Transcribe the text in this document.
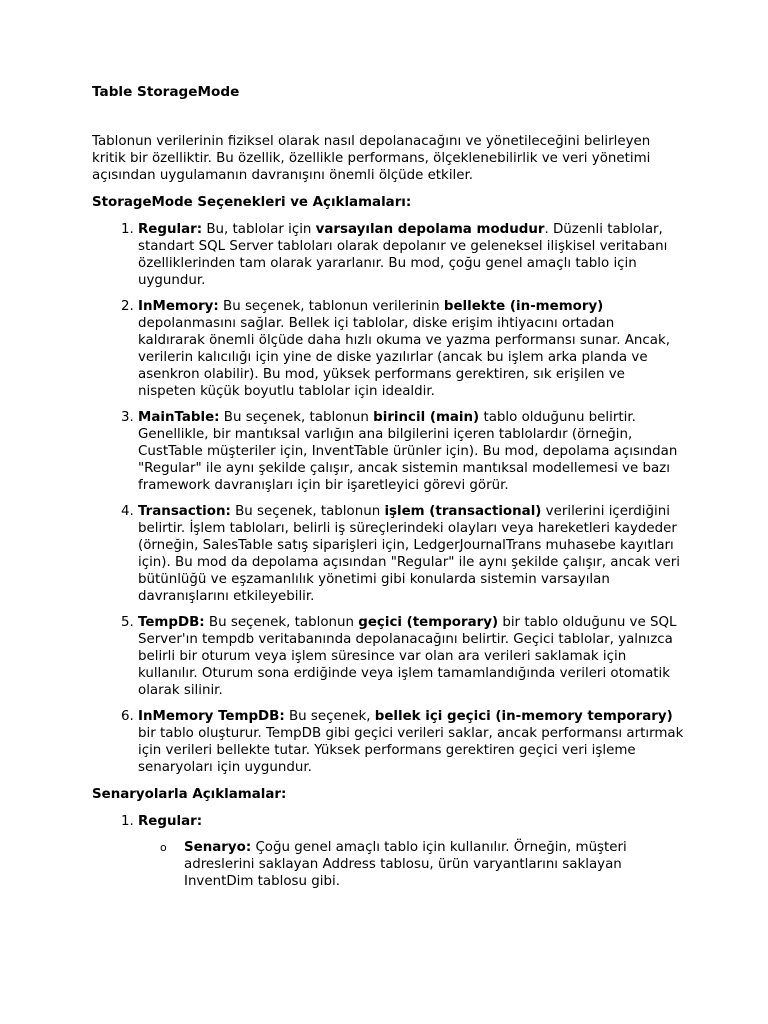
Table StorageMode

Tablonun verilerinin fiziksel olarak nasıl depolanacağını ve yönetileceğini belirleyen kritik bir özelliktir. Bu özellik, özellikle performans, ölçeklenebilirlik ve veri yönetimi açısından uygulamanın davranışını önemli ölçüde etkiler.

StorageMode Seçenekleri ve Açıklamaları:
1. Regular: Bu, tablolar için varsayılan depolama modudur. Düzenli tablolar, standart SQL Server tabloları olarak depolanır ve geleneksel ilişkisel veritabanı özelliklerinden tam olarak yararlanır. Bu mod, çoğu genel amaçlı tablo için uygundur.
2. InMemory: Bu seçenek, tablonun verilerinin bellekte (in-memory) depolanmasını sağlar. Bellek içi tablolar, diske erişim ihtiyacını ortadan kaldırarak önemli ölçüde daha hızlı okuma ve yazma performansı sunar. Ancak, verilerin kalıcılığı için yine de diske yazılırlar (ancak bu işlem arka planda ve asenkron olabilir). Bu mod, yüksek performans gerektiren, sık erişilen ve nispeten küçük boyutlu tablolar için idealdir.
3. MainTable: Bu seçenek, tablonun birincil (main) tablo olduğunu belirtir. Genellikle, bir mantıksal varlığın ana bilgilerini içeren tablolardır (örneğin, CustTable müşteriler için, InventTable ürünler için). Bu mod, depolama açısından "Regular" ile aynı şekilde çalışır, ancak sistemin mantıksal modellemesi ve bazı framework davranışları için bir işaretleyici görevi görür.
4. Transaction: Bu seçenek, tablonun işlem (transactional) verilerini içerdiğini belirtir. İşlem tabloları, belirli iş süreçlerindeki olayları veya hareketleri kaydeder (örneğin, SalesTable satış siparişleri için, LedgerJournalTrans muhasebe kayıtları için). Bu mod da depolama açısından "Regular" ile aynı şekilde çalışır, ancak veri bütünlüğü ve eşzamanlılık yönetimi gibi konularda sistemin varsayılan davranışlarını etkileyebilir.
5. TempDB: Bu seçenek, tablonun geçici (temporary) bir tablo olduğunu ve SQL Server'ın tempdb veritabanında depolanacağını belirtir. Geçici tablolar, yalnızca belirli bir oturum veya işlem süresince var olan ara verileri saklamak için kullanılır. Oturum sona erdiğinde veya işlem tamamlandığında verileri otomatik olarak silinir.
6. InMemory TempDB: Bu seçenek, bellek içi geçici (in-memory temporary) bir tablo oluşturur. TempDB gibi geçici verileri saklar, ancak performansı artırmak için verileri bellekte tutar. Yüksek performans gerektiren geçici veri işleme senaryoları için uygundur.
Senaryolarla Açıklamalar:
1. Regular:
o Senaryo: Çoğu genel amaçlı tablo için kullanılır. Örneğin, müşteri adreslerini saklayan Address tablosu, ürün varyantlarını saklayan InventDim tablosu gibi.
